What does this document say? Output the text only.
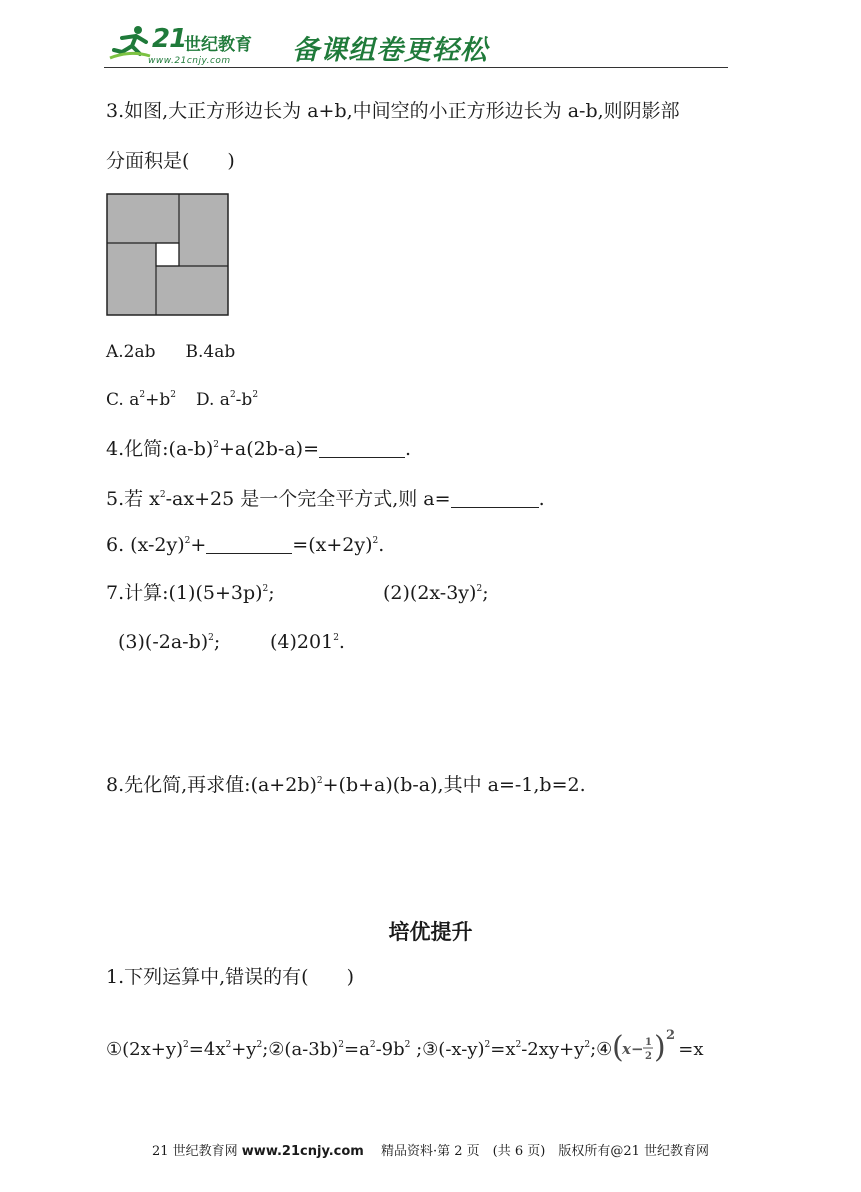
21
世纪教育
www.21cnjy.com 备课组卷更轻松
3.如图,大正方形边长为 a+b,中间空的小正方形边长为 a-b,则阴影部
分面积是(　　)
A.2ab B.4ab
C. $a^2+b^2$ D. $a^2-b^2$
4.化简$:(a-b)^2+a(2b-a)=$	.
5.若 $x^2-ax+25$ 是一个完全平方式,则 a=	.
6. $(x-2y)^2+$	$=(x+2y)^2$.
7.计算$:(1)(5+3p)^2$;	$(2)(2x-3y)^2$;
$(3)(-2a-b)^2$;	$(4)201^2$.
8.先化简,再求值$:(a+2b)^2+(b+a)(b-a)$,其中 a=-1,b=2.
培优提升
1.下列运算中,错误的有(　　)
$①(2x+y)^2=4x^2+y^2;②(a-3b)^2=a^2-9b^2$ $;③(-x-y)^2=x^2-2xy+y^2;④$ (
x− 1
2 ) 2
=x
21 世纪教育网 www.21cnjy.com 　精品资料·第 2 页　(共 6 页)　版权所有@21 世纪教育网
